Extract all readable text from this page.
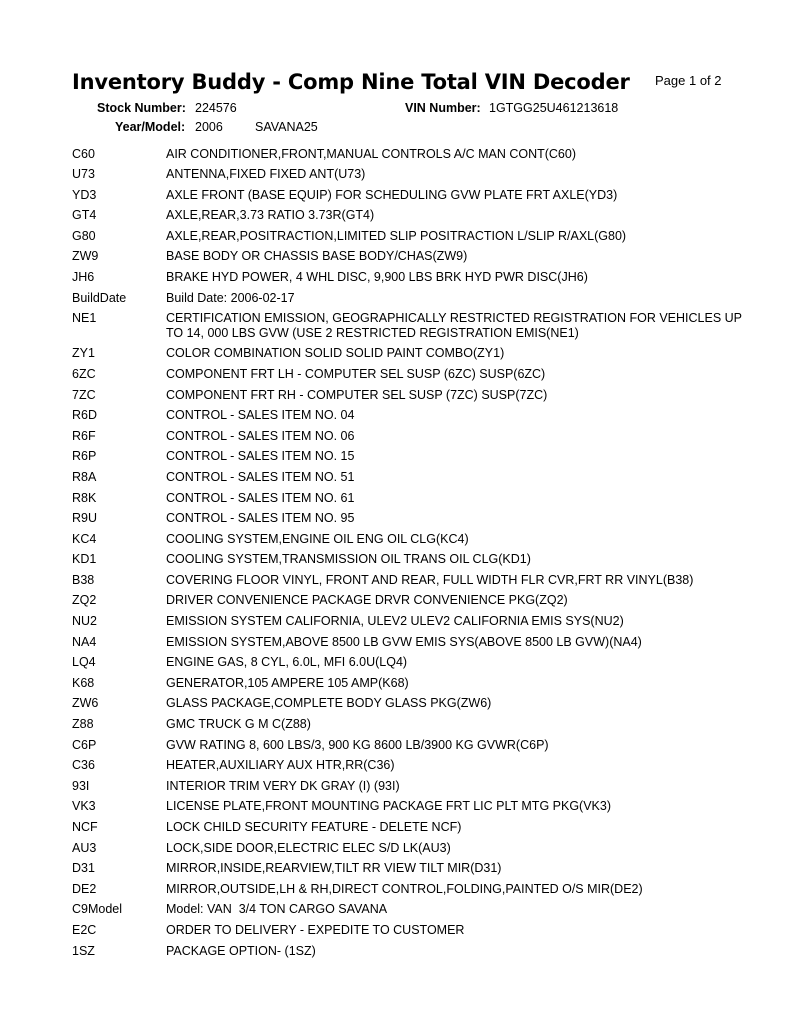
Inventory Buddy - Comp Nine Total VIN Decoder Page 1 of 2
Stock Number: 224576	VIN Number: 1GTGG25U461213618
Year/Model: 2006	SAVANA25
C60	AIR CONDITIONER,FRONT,MANUAL CONTROLS A/C MAN CONT(C60)
U73	ANTENNA,FIXED FIXED ANT(U73)
YD3	AXLE FRONT (BASE EQUIP) FOR SCHEDULING GVW PLATE FRT AXLE(YD3)
GT4	AXLE,REAR,3.73 RATIO 3.73R(GT4)
G80	AXLE,REAR,POSITRACTION,LIMITED SLIP POSITRACTION L/SLIP R/AXL(G80)
ZW9	BASE BODY OR CHASSIS BASE BODY/CHAS(ZW9)
JH6	BRAKE HYD POWER, 4 WHL DISC, 9,900 LBS BRK HYD PWR DISC(JH6)
BuildDate	Build Date: 2006-02-17
NE1	CERTIFICATION EMISSION, GEOGRAPHICALLY RESTRICTED REGISTRATION FOR VEHICLES UP TO 14, 000 LBS GVW (USE 2 RESTRICTED REGISTRATION EMIS(NE1)
ZY1	COLOR COMBINATION SOLID SOLID PAINT COMBO(ZY1)
6ZC	COMPONENT FRT LH - COMPUTER SEL SUSP (6ZC) SUSP(6ZC)
7ZC	COMPONENT FRT RH - COMPUTER SEL SUSP (7ZC) SUSP(7ZC)
R6D	CONTROL - SALES ITEM NO. 04
R6F	CONTROL - SALES ITEM NO. 06
R6P	CONTROL - SALES ITEM NO. 15
R8A	CONTROL - SALES ITEM NO. 51
R8K	CONTROL - SALES ITEM NO. 61
R9U	CONTROL - SALES ITEM NO. 95
KC4	COOLING SYSTEM,ENGINE OIL ENG OIL CLG(KC4)
KD1	COOLING SYSTEM,TRANSMISSION OIL TRANS OIL CLG(KD1)
B38	COVERING FLOOR VINYL, FRONT AND REAR, FULL WIDTH FLR CVR,FRT RR VINYL(B38)
ZQ2	DRIVER CONVENIENCE PACKAGE DRVR CONVENIENCE PKG(ZQ2)
NU2	EMISSION SYSTEM CALIFORNIA, ULEV2 ULEV2 CALIFORNIA EMIS SYS(NU2)
NA4	EMISSION SYSTEM,ABOVE 8500 LB GVW EMIS SYS(ABOVE 8500 LB GVW)(NA4)
LQ4	ENGINE GAS, 8 CYL, 6.0L, MFI 6.0U(LQ4)
K68	GENERATOR,105 AMPERE 105 AMP(K68)
ZW6	GLASS PACKAGE,COMPLETE BODY GLASS PKG(ZW6)
Z88	GMC TRUCK G M C(Z88)
C6P	GVW RATING 8, 600 LBS/3, 900 KG 8600 LB/3900 KG GVWR(C6P)
C36	HEATER,AUXILIARY AUX HTR,RR(C36)
93I	INTERIOR TRIM VERY DK GRAY (I) (93I)
VK3	LICENSE PLATE,FRONT MOUNTING PACKAGE FRT LIC PLT MTG PKG(VK3)
NCF	LOCK CHILD SECURITY FEATURE - DELETE NCF)
AU3	LOCK,SIDE DOOR,ELECTRIC ELEC S/D LK(AU3)
D31	MIRROR,INSIDE,REARVIEW,TILT RR VIEW TILT MIR(D31)
DE2	MIRROR,OUTSIDE,LH & RH,DIRECT CONTROL,FOLDING,PAINTED O/S MIR(DE2)
C9Model	Model: VAN  3/4 TON CARGO SAVANA
E2C	ORDER TO DELIVERY - EXPEDITE TO CUSTOMER
1SZ	PACKAGE OPTION- (1SZ)
